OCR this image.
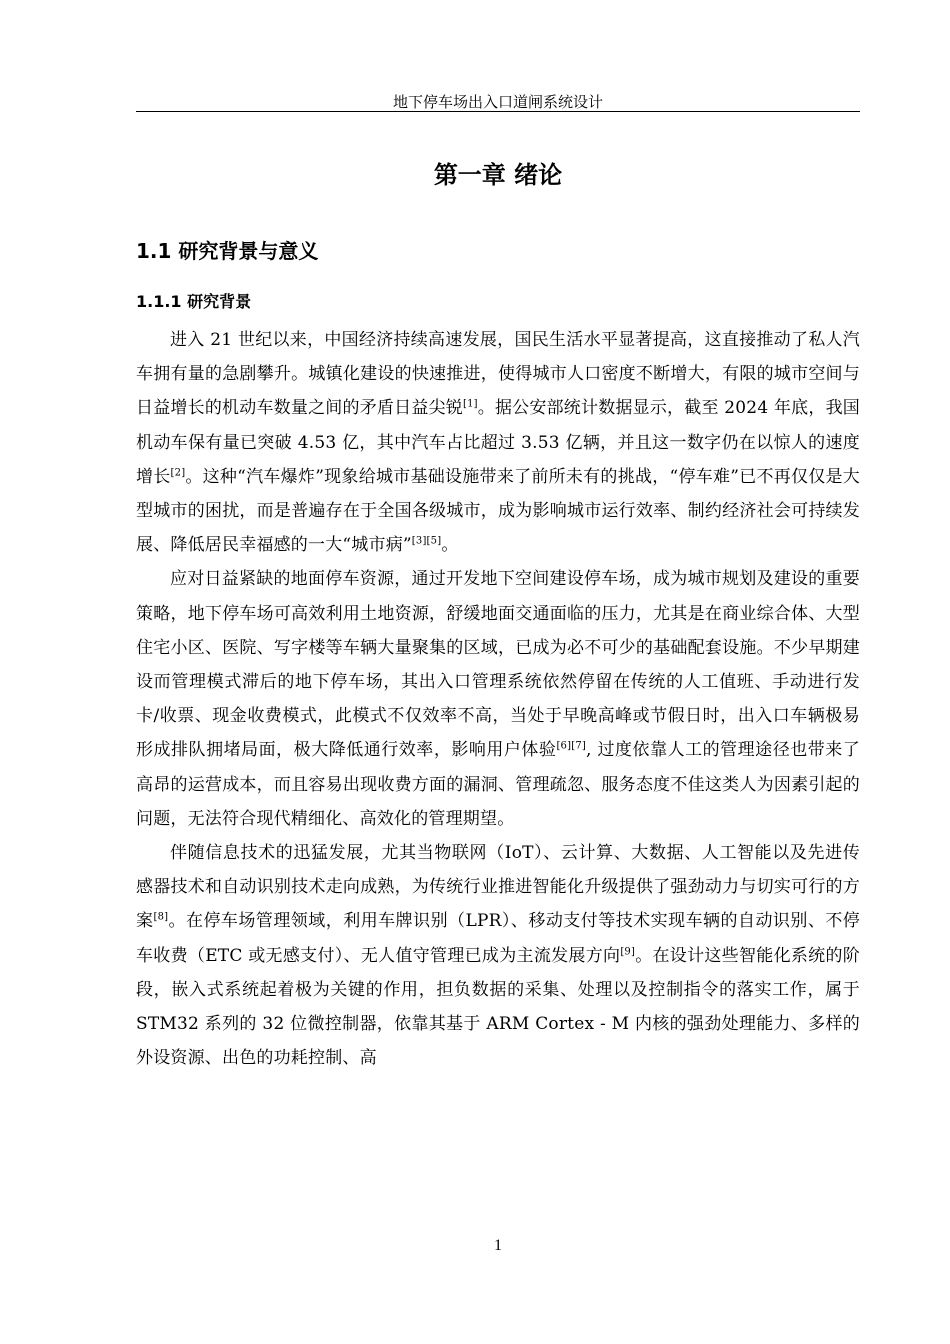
地下停车场出入口道闸系统设计
第一章 绪论
1.1 研究背景与意义
1.1.1 研究背景

进入 21 世纪以来，中国经济持续高速发展，国民生活水平显著提高，这直接推动了私人汽车拥有量的急剧攀升。城镇化建设的快速推进，使得城市人口密度不断增大，有限的城市空间与日益增长的机动车数量之间的矛盾日益尖锐[1]。据公安部统计数据显示，截至 2024 年底，我国机动车保有量已突破 4.53 亿，其中汽车占比超过 3.53 亿辆，并且这一数字仍在以惊人的速度增长[2]。这种“汽车爆炸”现象给城市基础设施带来了前所未有的挑战，“停车难”已不再仅仅是大型城市的困扰，而是普遍存在于全国各级城市，成为影响城市运行效率、制约经济社会可持续发展、降低居民幸福感的一大“城市病”[3][5]。

应对日益紧缺的地面停车资源，通过开发地下空间建设停车场，成为城市规划及建设的重要策略，地下停车场可高效利用土地资源，舒缓地面交通面临的压力，尤其是在商业综合体、大型住宅小区、医院、写字楼等车辆大量聚集的区域，已成为必不可少的基础配套设施。不少早期建设而管理模式滞后的地下停车场，其出入口管理系统依然停留在传统的人工值班、手动进行发卡/收票、现金收费模式，此模式不仅效率不高，当处于早晚高峰或节假日时，出入口车辆极易形成排队拥堵局面，极大降低通行效率，影响用户体验[6][7], 过度依靠人工的管理途径也带来了高昂的运营成本，而且容易出现收费方面的漏洞、管理疏忽、服务态度不佳这类人为因素引起的问题，无法符合现代精细化、高效化的管理期望。

伴随信息技术的迅猛发展，尤其当物联网（IoT）、云计算、大数据、人工智能以及先进传感器技术和自动识别技术走向成熟，为传统行业推进智能化升级提供了强劲动力与切实可行的方案[8]。在停车场管理领域，利用车牌识别（LPR）、移动支付等技术实现车辆的自动识别、不停车收费（ETC 或无感支付）、无人值守管理已成为主流发展方向[9]。在设计这些智能化系统的阶段，嵌入式系统起着极为关键的作用，担负数据的采集、处理以及控制指令的落实工作，属于 STM32 系列的 32 位微控制器，依靠其基于 ARM Cortex - M 内核的强劲处理能力、多样的外设资源、出色的功耗控制、高

1
